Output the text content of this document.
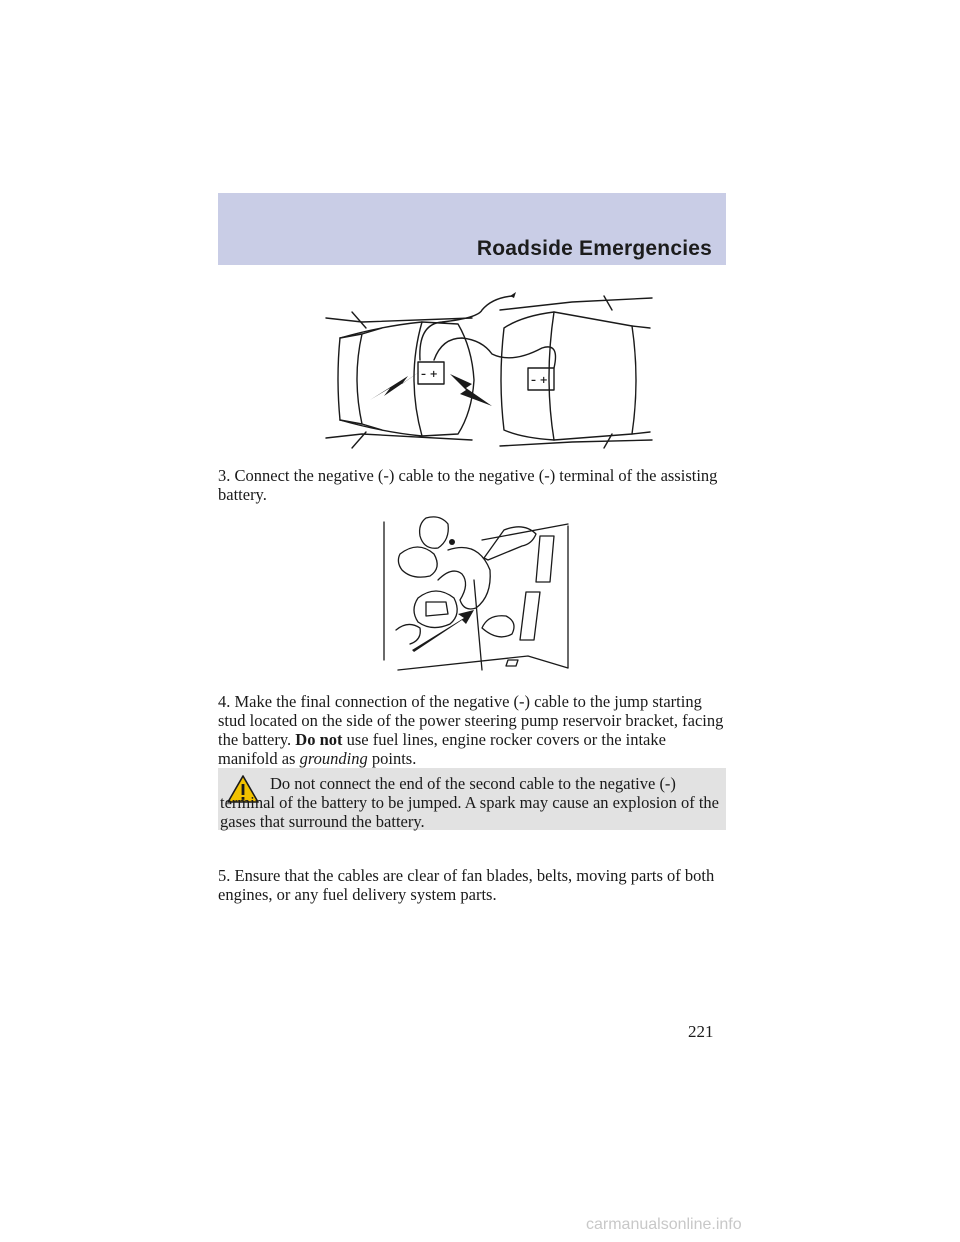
Roadside Emergencies
– +
– +

3. Connect the negative (-) cable to the negative (-) terminal of the assisting battery.

4. Make the final connection of the negative (-) cable to the jump starting stud located on the side of the power steering pump reservoir bracket, facing the battery. Do not use fuel lines, engine rocker covers or the intake manifold as grounding points.

Do not connect the end of the second cable to the negative (-) terminal of the battery to be jumped. A spark may cause an explosion of the gases that surround the battery.

5. Ensure that the cables are clear of fan blades, belts, moving parts of both engines, or any fuel delivery system parts.

221
carmanualsonline.info
